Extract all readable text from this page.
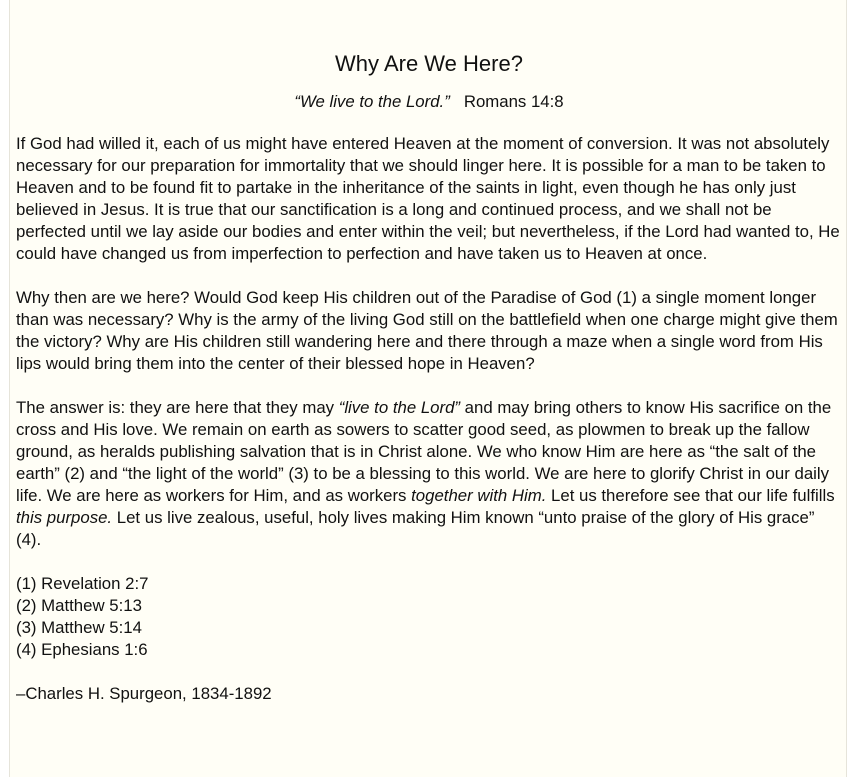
Why Are We Here?
“We live to the Lord.” Romans 14:8

If God had willed it, each of us might have entered Heaven at the moment of conversion. It was not absolutely necessary for our preparation for immortality that we should linger here. It is possible for a man to be taken to Heaven and to be found fit to partake in the inheritance of the saints in light, even though he has only just believed in Jesus. It is true that our sanctification is a long and continued process, and we shall not be perfected until we lay aside our bodies and enter within the veil; but nevertheless, if the Lord had wanted to, He could have changed us from imperfection to perfection and have taken us to Heaven at once.

Why then are we here? Would God keep His children out of the Paradise of God (1) a single moment longer than was necessary? Why is the army of the living God still on the battlefield when one charge might give them the victory? Why are His children still wandering here and there through a maze when a single word from His lips would bring them into the center of their blessed hope in Heaven?

The answer is: they are here that they may “live to the Lord” and may bring others to know His sacrifice on the cross and His love. We remain on earth as sowers to scatter good seed, as plowmen to break up the fallow ground, as heralds publishing salvation that is in Christ alone. We who know Him are here as “the salt of the earth” (2) and “the light of the world” (3) to be a blessing to this world. We are here to glorify Christ in our daily life. We are here as workers for Him, and as workers together with Him. Let us therefore see that our life fulfills this purpose. Let us live zealous, useful, holy lives making Him known “unto praise of the glory of His grace” (4).

(1) Revelation 2:7
(2) Matthew 5:13
(3) Matthew 5:14
(4) Ephesians 1:6
–Charles H. Spurgeon, 1834-1892
